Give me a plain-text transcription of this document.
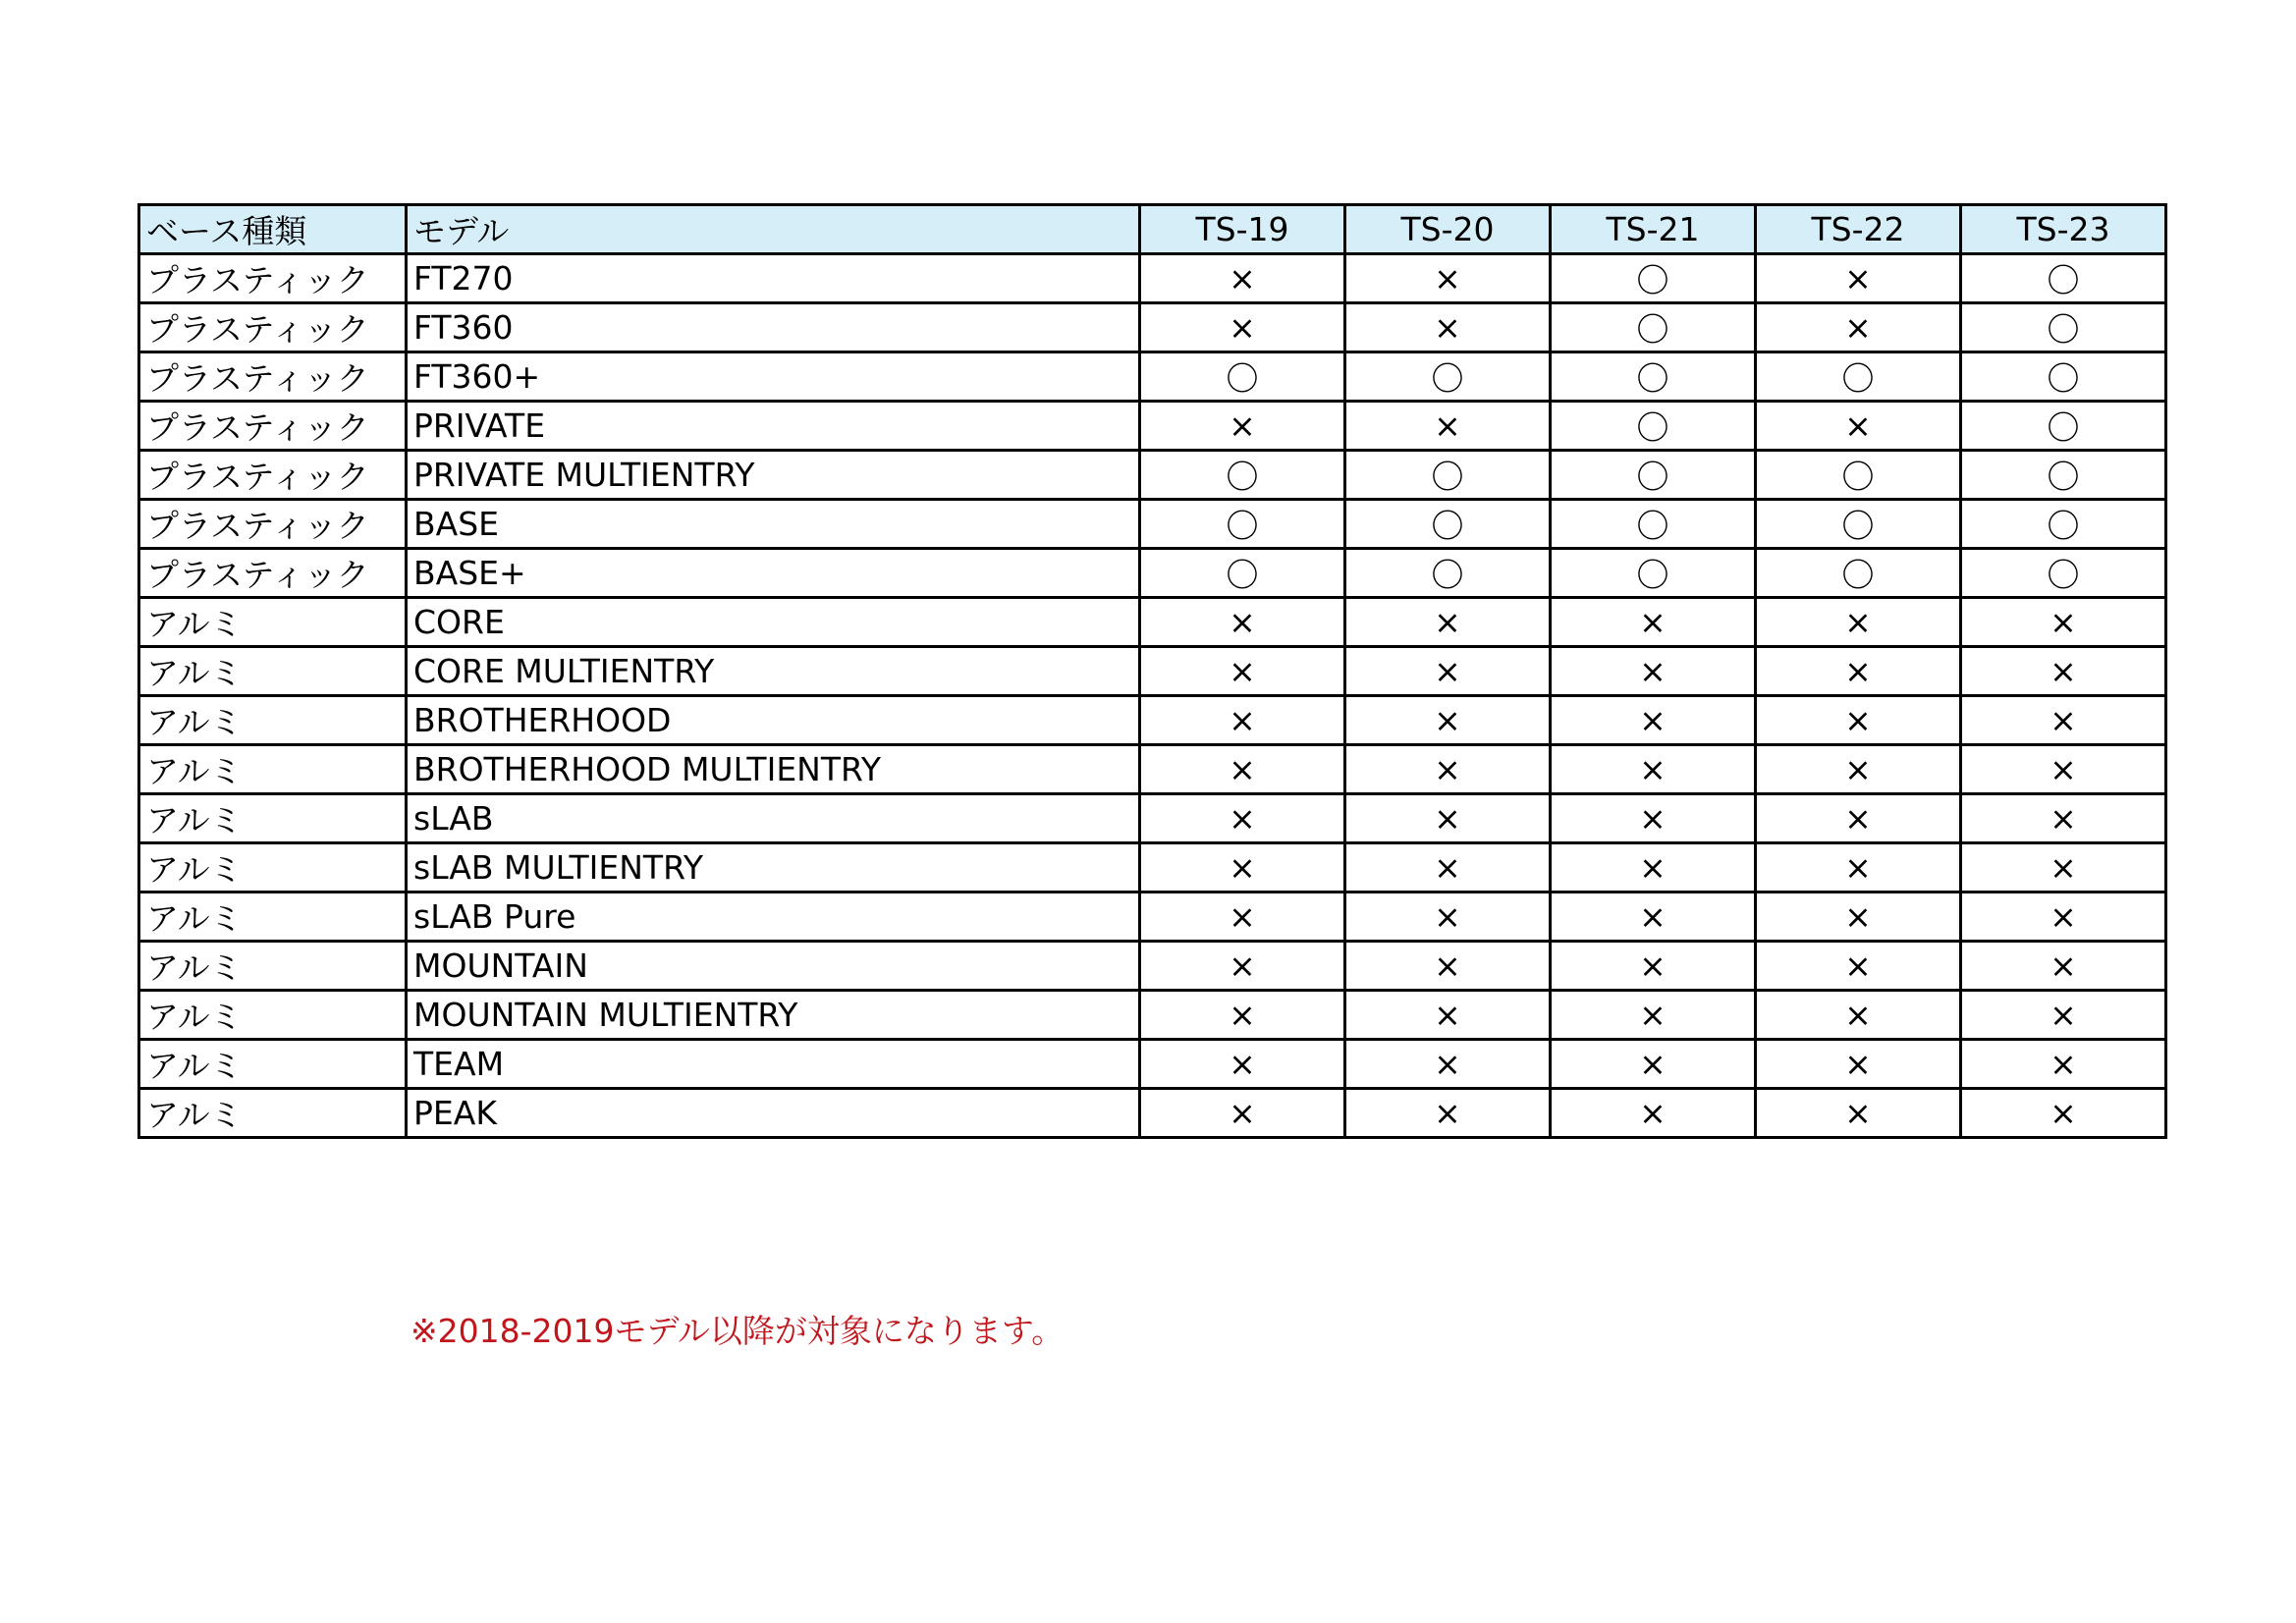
ベース種類	モデル	TS-19	TS-20	TS-21	TS-22	TS-23
プラスティック	FT270	×	×	〇	×	〇
プラスティック	FT360	×	×	〇	×	〇
プラスティック	FT360+	〇	〇	〇	〇	〇
プラスティック	PRIVATE	×	×	〇	×	〇
プラスティック	PRIVATE MULTIENTRY	〇	〇	〇	〇	〇
プラスティック	BASE	〇	〇	〇	〇	〇
プラスティック	BASE+	〇	〇	〇	〇	〇
アルミ	CORE	×	×	×	×	×
アルミ	CORE MULTIENTRY	×	×	×	×	×
アルミ	BROTHERHOOD	×	×	×	×	×
アルミ	BROTHERHOOD MULTIENTRY	×	×	×	×	×
アルミ	sLAB	×	×	×	×	×
アルミ	sLAB MULTIENTRY	×	×	×	×	×
アルミ	sLAB Pure	×	×	×	×	×
アルミ	MOUNTAIN	×	×	×	×	×
アルミ	MOUNTAIN MULTIENTRY	×	×	×	×	×
アルミ	TEAM	×	×	×	×	×
アルミ	PEAK	×	×	×	×	×
※2018-2019モデル以降が対象になります。
